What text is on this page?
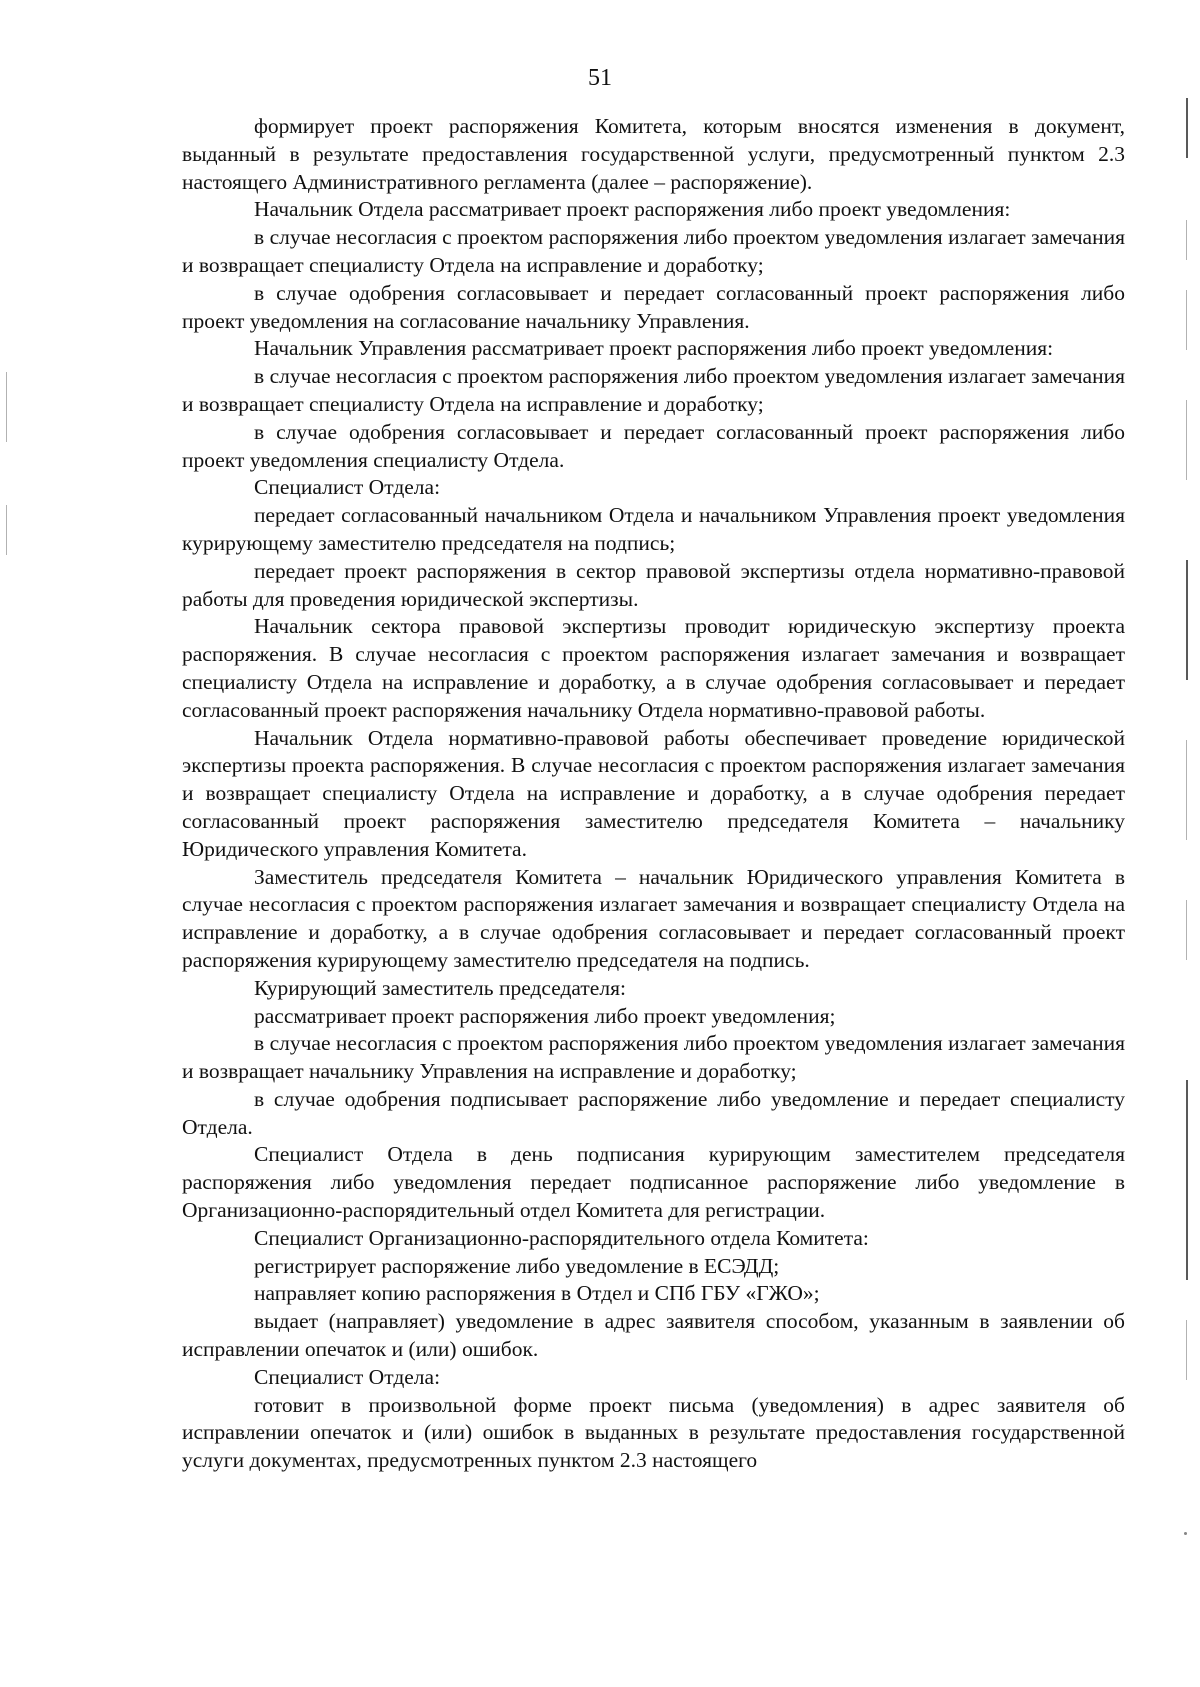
51

формирует проект распоряжения Комитета, которым вносятся изменения в документ, выданный в результате предоставления государственной услуги, предусмотренный пунктом 2.3 настоящего Административного регламента (далее – распоряжение).

Начальник Отдела рассматривает проект распоряжения либо проект уведомления:

в случае несогласия с проектом распоряжения либо проектом уведомления излагает замечания и возвращает специалисту Отдела на исправление и доработку;

в случае одобрения согласовывает и передает согласованный проект распоряжения либо проект уведомления на согласование начальнику Управления.

Начальник Управления рассматривает проект распоряжения либо проект уведомления:

в случае несогласия с проектом распоряжения либо проектом уведомления излагает замечания и возвращает специалисту Отдела на исправление и доработку;

в случае одобрения согласовывает и передает согласованный проект распоряжения либо проект уведомления специалисту Отдела.

Специалист Отдела:

передает согласованный начальником Отдела и начальником Управления проект уведомления курирующему заместителю председателя на подпись;

передает проект распоряжения в сектор правовой экспертизы отдела нормативно-правовой работы для проведения юридической экспертизы.

Начальник сектора правовой экспертизы проводит юридическую экспертизу проекта распоряжения. В случае несогласия с проектом распоряжения излагает замечания и возвращает специалисту Отдела на исправление и доработку, а в случае одобрения согласовывает и передает согласованный проект распоряжения начальнику Отдела нормативно-правовой работы.

Начальник Отдела нормативно-правовой работы обеспечивает проведение юридической экспертизы проекта распоряжения. В случае несогласия с проектом распоряжения излагает замечания и возвращает специалисту Отдела на исправление и доработку, а в случае одобрения передает согласованный проект распоряжения заместителю председателя Комитета – начальнику Юридического управления Комитета.

Заместитель председателя Комитета – начальник Юридического управления Комитета в случае несогласия с проектом распоряжения излагает замечания и возвращает специалисту Отдела на исправление и доработку, а в случае одобрения согласовывает и передает согласованный проект распоряжения курирующему заместителю председателя на подпись.

Курирующий заместитель председателя:

рассматривает проект распоряжения либо проект уведомления;

в случае несогласия с проектом распоряжения либо проектом уведомления излагает замечания и возвращает начальнику Управления на исправление и доработку;

в случае одобрения подписывает распоряжение либо уведомление и передает специалисту Отдела.

Специалист Отдела в день подписания курирующим заместителем председателя распоряжения либо уведомления передает подписанное распоряжение либо уведомление в Организационно-распорядительный отдел Комитета для регистрации.

Специалист Организационно-распорядительного отдела Комитета:

регистрирует распоряжение либо уведомление в ЕСЭДД;

направляет копию распоряжения в Отдел и СПб ГБУ «ГЖО»;

выдает (направляет) уведомление в адрес заявителя способом, указанным в заявлении об исправлении опечаток и (или) ошибок.

Специалист Отдела:

готовит в произвольной форме проект письма (уведомления) в адрес заявителя об исправлении опечаток и (или) ошибок в выданных в результате предоставления государственной услуги документах, предусмотренных пунктом 2.3 настоящего
